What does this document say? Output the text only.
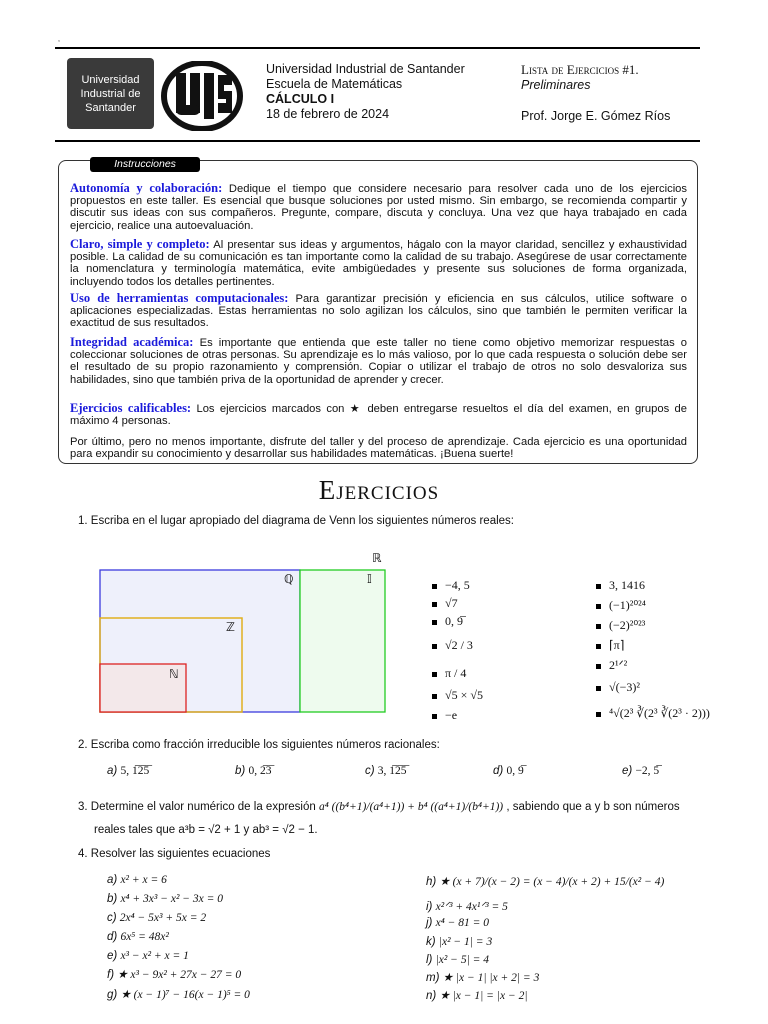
,
Universidad
Industrial de
Santander
Universidad Industrial de Santander
Escuela de Matemáticas
CÁLCULO I
18 de febrero de 2024
Lista de Ejercicios #1.
Preliminares
Prof. Jorge E. Gómez Ríos
Instrucciones
Autonomía y colaboración: Dedique el tiempo que considere necesario para resolver cada uno de los ejercicios propuestos en este taller. Es esencial que busque soluciones por usted mismo. Sin embargo, se recomienda compartir y discutir sus ideas con sus compañeros. Pregunte, compare, discuta y concluya. Una vez que haya trabajado en cada ejercicio, realice una autoevaluación.
Claro, simple y completo: Al presentar sus ideas y argumentos, hágalo con la mayor claridad, sencillez y exhaustividad posible. La calidad de su comunicación es tan importante como la calidad de su trabajo. Asegúrese de usar correctamente la nomenclatura y terminología matemática, evite ambigüedades y presente sus soluciones de forma organizada, incluyendo todos los detalles pertinentes.
Uso de herramientas computacionales: Para garantizar precisión y eficiencia en sus cálculos, utilice software o aplicaciones especializadas. Estas herramientas no solo agilizan los cálculos, sino que también le permiten verificar la exactitud de sus resultados.
Integridad académica: Es importante que entienda que este taller no tiene como objetivo memorizar respuestas o coleccionar soluciones de otras personas. Su aprendizaje es lo más valioso, por lo que cada respuesta o solución debe ser el resultado de su propio razonamiento y comprensión. Copiar o utilizar el trabajo de otros no solo desvaloriza sus habilidades, sino que también priva de la oportunidad de aprender y crecer.
Ejercicios calificables: Los ejercicios marcados con ★ deben entregarse resueltos el día del examen, en grupos de máximo 4 personas.
Por último, pero no menos importante, disfrute del taller y del proceso de aprendizaje. Cada ejercicio es una oportunidad para expandir su conocimiento y desarrollar sus habilidades matemáticas. ¡Buena suerte!
Ejercicios
1. Escriba en el lugar apropiado del diagrama de Venn los siguientes números reales:
ℝ
ℚ	𝕀
ℤ
ℕ
−4, 5
√7
0, 9̅
√2 / 3
π / 4
√5 × √5
−e
3, 1416
(−1)²⁰²⁴
(−2)²⁰²³
⌈π⌉
2¹ᐟ²
√(−3)²
⁴√(2³ ∛(2³ ∛(2³ · 2)))
2. Escriba como fracción irreducible los siguientes números racionales:
a) 5, 1̅2̅5̅	b) 0, 2̅3̅	c) 3, 1̅2̅5̅	d) 0, 9̅	e) −2, 5̅
3. Determine el valor numérico de la expresión a⁴ ((b⁴+1)/(a⁴+1)) + b⁴ ((a⁴+1)/(b⁴+1)) , sabiendo que a y b son números
reales tales que a³b = √2 + 1 y ab³ = √2 − 1.
4. Resolver las siguientes ecuaciones
a) x² + x = 6
b) x⁴ + 3x³ − x² − 3x = 0
c) 2x⁴ − 5x³ + 5x = 2
d) 6x⁵ = 48x²
e) x³ − x² + x = 1
f) ★ x³ − 9x² + 27x − 27 = 0
g) ★ (x − 1)⁷ − 16(x − 1)⁵ = 0
h) ★ (x + 7)/(x − 2) = (x − 4)/(x + 2) + 15/(x² − 4)
i) x²ᐟ³ + 4x¹ᐟ³ = 5
j) x⁴ − 81 = 0
k) |x² − 1| = 3
l) |x² − 5| = 4
m) ★ |x − 1| |x + 2| = 3
n) ★ |x − 1| = |x − 2|
